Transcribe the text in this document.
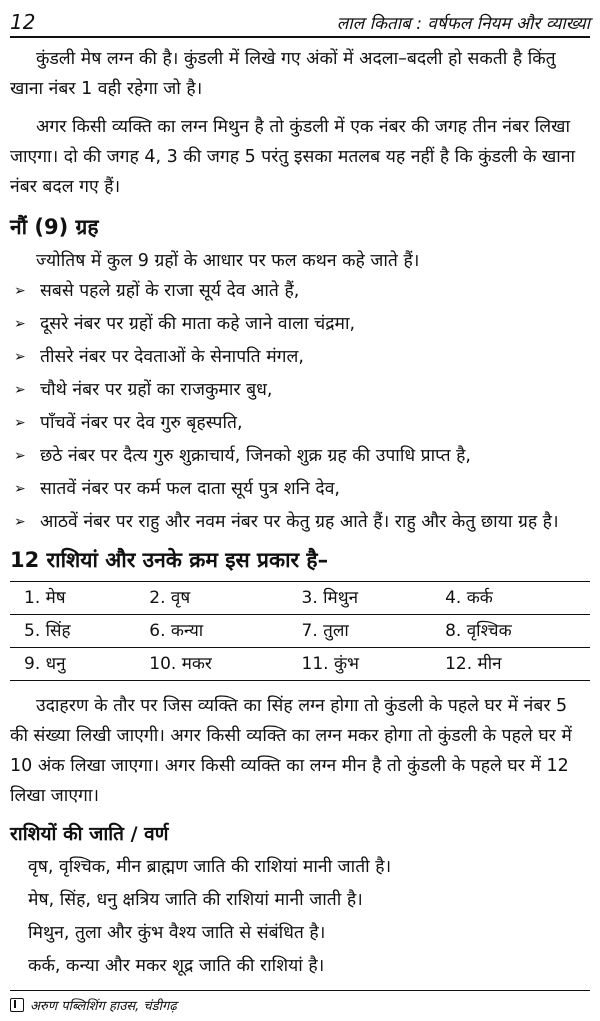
12	लाल किताब : वर्षफल नियम और व्याख्या

कुंडली मेष लग्न की है। कुंडली में लिखे गए अंकों में अदला–बदली हो सकती है किंतु खाना नंबर 1 वही रहेगा जो है।

अगर किसी व्यक्ति का लग्न मिथुन है तो कुंडली में एक नंबर की जगह तीन नंबर लिखा जाएगा। दो की जगह 4, 3 की जगह 5 परंतु इसका मतलब यह नहीं है कि कुंडली के खाना नंबर बदल गए हैं।

नौं (9) ग्रह

ज्योतिष में कुल 9 ग्रहों के आधार पर फल कथन कहे जाते हैं।

➢ सबसे पहले ग्रहों के राजा सूर्य देव आते हैं,
➢ दूसरे नंबर पर ग्रहों की माता कहे जाने वाला चंद्रमा,
➢ तीसरे नंबर पर देवताओं के सेनापति मंगल,
➢ चौथे नंबर पर ग्रहों का राजकुमार बुध,
➢ पाँचवें नंबर पर देव गुरु बृहस्पति,
➢ छठे नंबर पर दैत्य गुरु शुक्राचार्य, जिनको शुक्र ग्रह की उपाधि प्राप्त है,
➢ सातवें नंबर पर कर्म फल दाता सूर्य पुत्र शनि देव,
➢ आठवें नंबर पर राहु और नवम नंबर पर केतु ग्रह आते हैं। राहु और केतु छाया ग्रह है।
12 राशियां और उनके क्रम इस प्रकार है–
1. मेष	2. वृष	3. मिथुन	4. कर्क
5. सिंह	6. कन्या	7. तुला	8. वृश्चिक
9. धनु	10. मकर	11. कुंभ	12. मीन

उदाहरण के तौर पर जिस व्यक्ति का सिंह लग्न होगा तो कुंडली के पहले घर में नंबर 5 की संख्या लिखी जाएगी। अगर किसी व्यक्ति का लग्न मकर होगा तो कुंडली के पहले घर में 10 अंक लिखा जाएगा। अगर किसी व्यक्ति का लग्न मीन है तो कुंडली के पहले घर में 12 लिखा जाएगा।

राशियों की जाति / वर्ण

वृष, वृश्चिक, मीन ब्राह्मण जाति की राशियां मानी जाती है।

मेष, सिंह, धनु क्षत्रिय जाति की राशियां मानी जाती है।

मिथुन, तुला और कुंभ वैश्य जाति से संबंधित है।

कर्क, कन्या और मकर शूद्र जाति की राशियां है।

अरुण पब्लिशिंग हाउस, चंडीगढ़
